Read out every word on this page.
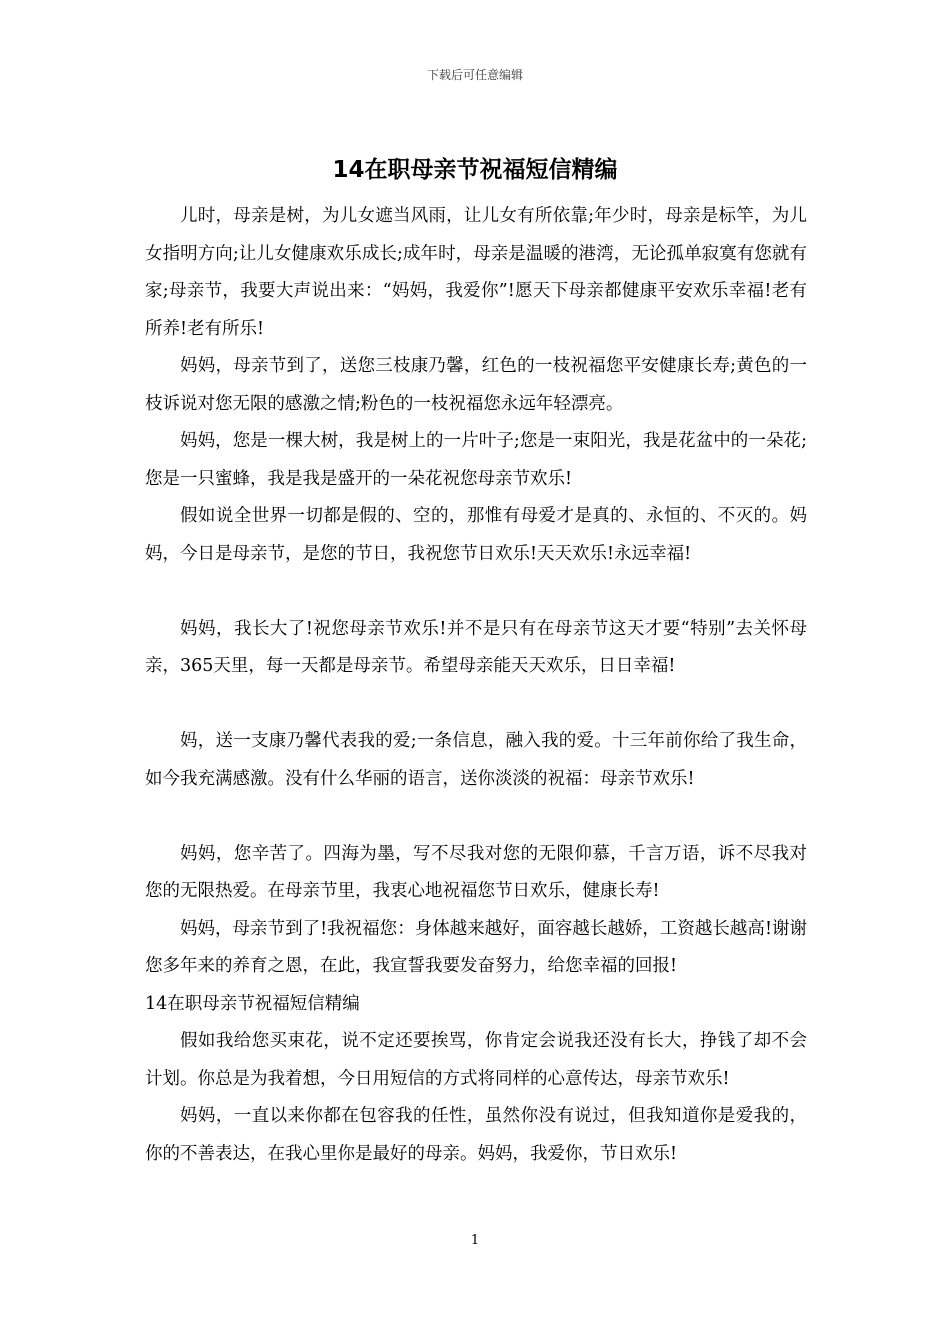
下载后可任意编辑
14在职母亲节祝福短信精编

儿时，母亲是树，为儿女遮当风雨，让儿女有所依靠;年少时，母亲是标竿，为儿女指明方向;让儿女健康欢乐成长;成年时，母亲是温暖的港湾，无论孤单寂寞有您就有家;母亲节，我要大声说出来：“妈妈，我爱你”!愿天下母亲都健康平安欢乐幸福!老有所养!老有所乐!

妈妈，母亲节到了，送您三枝康乃馨，红色的一枝祝福您平安健康长寿;黄色的一枝诉说对您无限的感激之情;粉色的一枝祝福您永远年轻漂亮。

妈妈，您是一棵大树，我是树上的一片叶子;您是一束阳光，我是花盆中的一朵花;您是一只蜜蜂，我是我是盛开的一朵花祝您母亲节欢乐!

假如说全世界一切都是假的、空的，那惟有母爱才是真的、永恒的、不灭的。妈妈，今日是母亲节，是您的节日，我祝您节日欢乐!天天欢乐!永远幸福!

妈妈，我长大了!祝您母亲节欢乐!并不是只有在母亲节这天才要“特别”去关怀母亲，365天里，每一天都是母亲节。希望母亲能天天欢乐，日日幸福!

妈，送一支康乃馨代表我的爱;一条信息，融入我的爱。十三年前你给了我生命，如今我充满感激。没有什么华丽的语言，送你淡淡的祝福：母亲节欢乐!

妈妈，您辛苦了。四海为墨，写不尽我对您的无限仰慕，千言万语，诉不尽我对您的无限热爱。在母亲节里，我衷心地祝福您节日欢乐，健康长寿!

妈妈，母亲节到了!我祝福您：身体越来越好，面容越长越娇，工资越长越高!谢谢您多年来的养育之恩，在此，我宣誓我要发奋努力，给您幸福的回报!

14在职母亲节祝福短信精编

假如我给您买束花，说不定还要挨骂，你肯定会说我还没有长大，挣钱了却不会计划。你总是为我着想，今日用短信的方式将同样的心意传达，母亲节欢乐!

妈妈，一直以来你都在包容我的任性，虽然你没有说过，但我知道你是爱我的，你的不善表达，在我心里你是最好的母亲。妈妈，我爱你，节日欢乐!

1
